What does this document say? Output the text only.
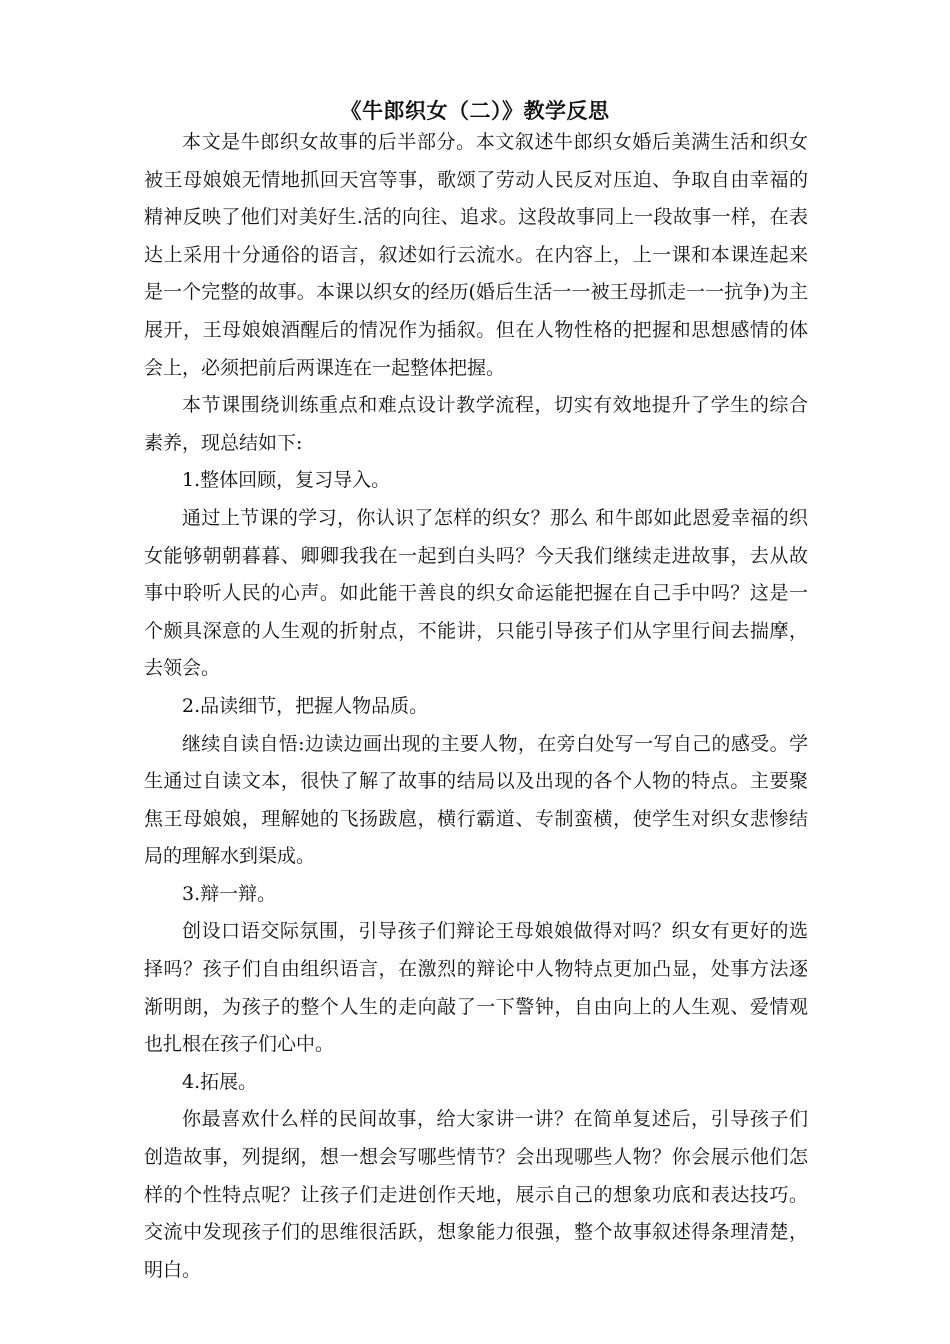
《牛郎织女（二）》教学反思

本文是牛郎织女故事的后半部分。本文叙述牛郎织女婚后美满生活和织女被王母娘娘无情地抓回天宫等事，歌颂了劳动人民反对压迫、争取自由幸福的精神反映了他们对美好生.活的向往、追求。这段故事同上一段故事一样，在表达上采用十分通俗的语言，叙述如行云流水。在内容上，上一课和本课连起来是一个完整的故事。本课以织女的经历(婚后生活一一被王母抓走一一抗争)为主展开，王母娘娘酒醒后的情况作为插叙。但在人物性格的把握和思想感情的体会上，必须把前后两课连在一起整体把握。

本节课围绕训练重点和难点设计教学流程，切实有效地提升了学生的综合素养，现总结如下:

1.整体回顾，复习导入。

通过上节课的学习，你认识了怎样的织女？那么 和牛郎如此恩爱幸福的织女能够朝朝暮暮、卿卿我我在一起到白头吗？今天我们继续走进故事，去从故事中聆听人民的心声。如此能干善良的织女命运能把握在自己手中吗？这是一个颇具深意的人生观的折射点，不能讲，只能引导孩子们从字里行间去揣摩，去领会。

2.品读细节，把握人物品质。

继续自读自悟:边读边画出现的主要人物，在旁白处写一写自己的感受。学生通过自读文本，很快了解了故事的结局以及出现的各个人物的特点。主要聚焦王母娘娘，理解她的飞扬跋扈，横行霸道、专制蛮横，使学生对织女悲惨结局的理解水到渠成。

3.辩一辩。

创设口语交际氛围，引导孩子们辩论王母娘娘做得对吗？织女有更好的选择吗？孩子们自由组织语言，在激烈的辩论中人物特点更加凸显，处事方法逐渐明朗，为孩子的整个人生的走向敲了一下警钟，自由向上的人生观、爱情观也扎根在孩子们心中。

4.拓展。

你最喜欢什么样的民间故事，给大家讲一讲？在简单复述后，引导孩子们创造故事，列提纲，想一想会写哪些情节？会出现哪些人物？你会展示他们怎样的个性特点呢？让孩子们走进创作天地，展示自己的想象功底和表达技巧。交流中发现孩子们的思维很活跃，想象能力很强，整个故事叙述得条理清楚，明白。
